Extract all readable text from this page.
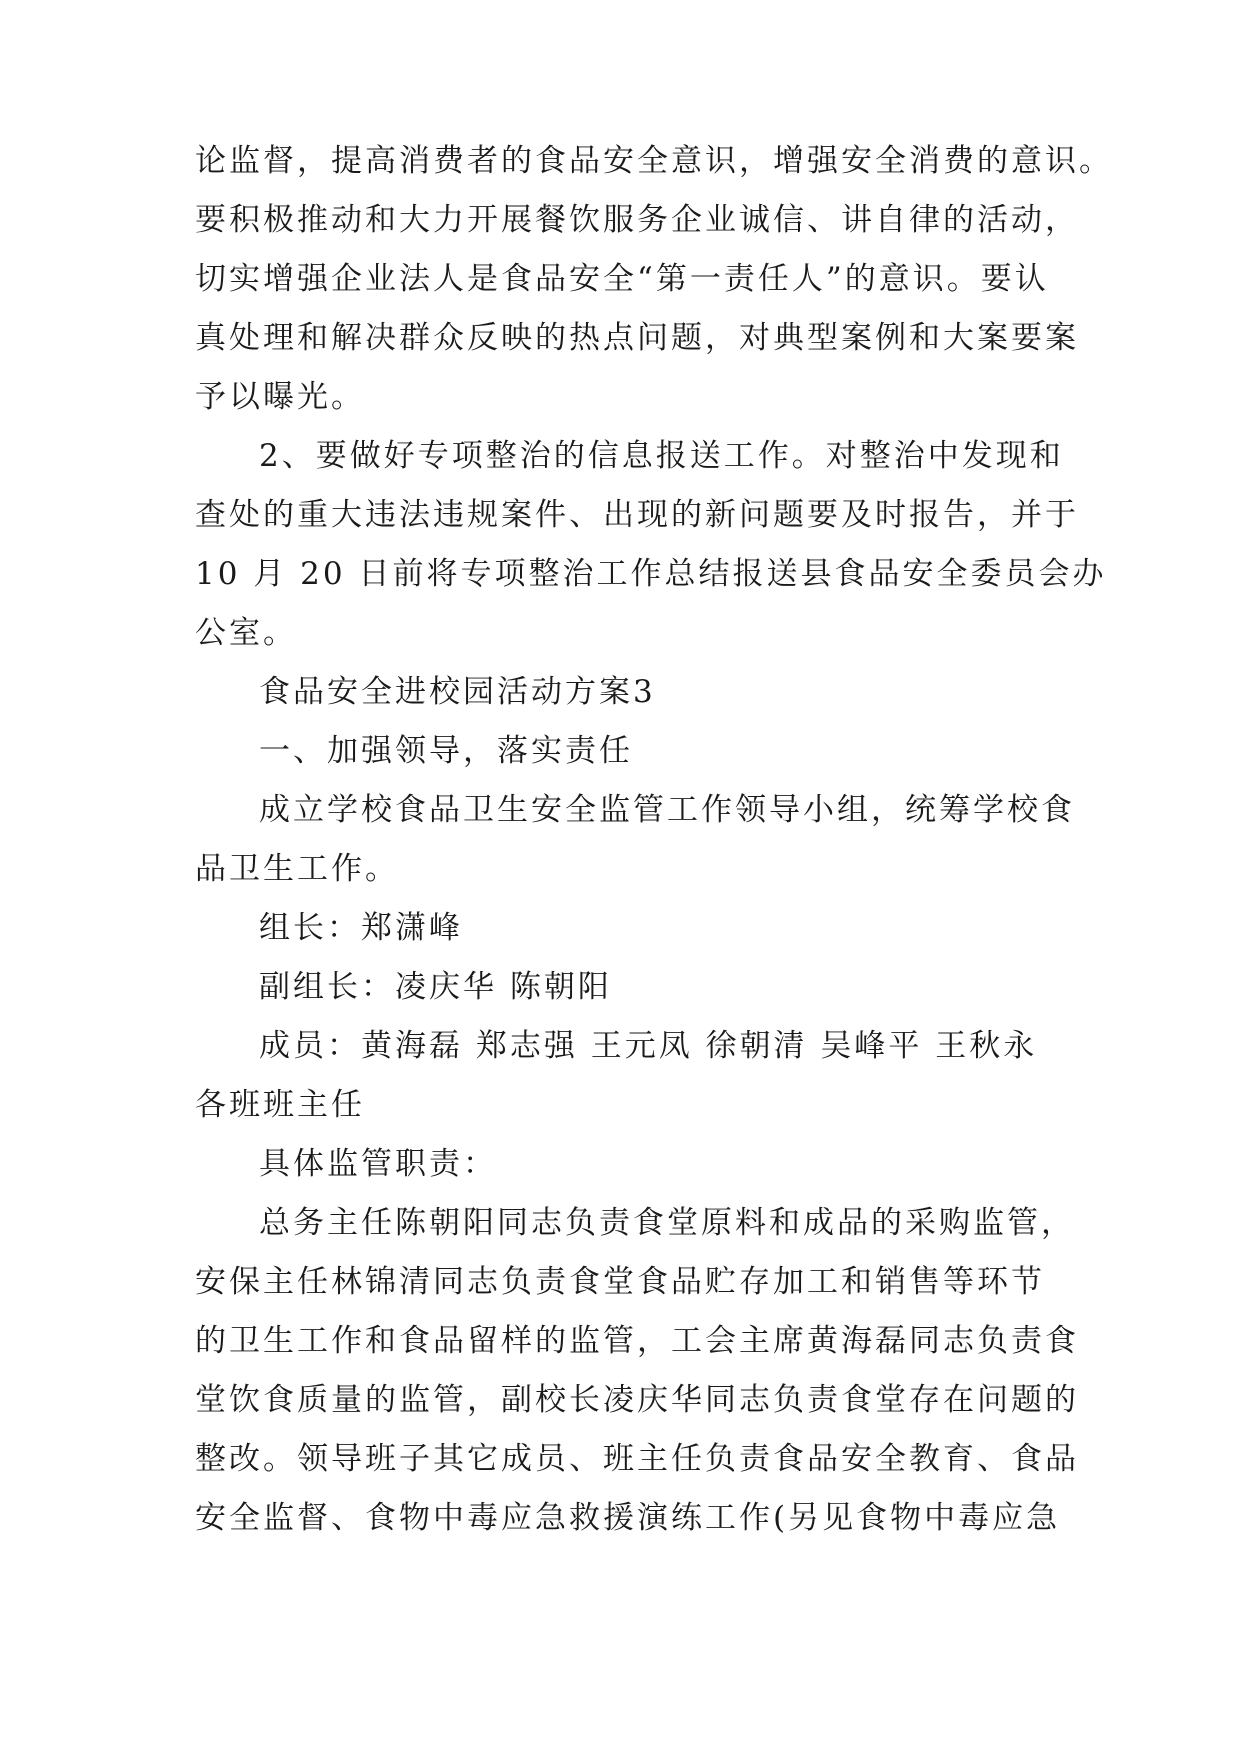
论监督，提高消费者的食品安全意识，增强安全消费的意识。
要积极推动和大力开展餐饮服务企业诚信、讲自律的活动，
切实增强企业法人是食品安全“第一责任人”的意识。要认
真处理和解决群众反映的热点问题，对典型案例和大案要案
予以曝光。

2、要做好专项整治的信息报送工作。对整治中发现和
查处的重大违法违规案件、出现的新问题要及时报告，并于
10 月 20 日前将专项整治工作总结报送县食品安全委员会办
公室。

食品安全进校园活动方案3

一、加强领导，落实责任

成立学校食品卫生安全监管工作领导小组，统筹学校食
品卫生工作。

组长：郑潇峰

副组长：凌庆华 陈朝阳

成员：黄海磊 郑志强 王元凤 徐朝清 吴峰平 王秋永
各班班主任

具体监管职责：

总务主任陈朝阳同志负责食堂原料和成品的采购监管，
安保主任林锦清同志负责食堂食品贮存加工和销售等环节
的卫生工作和食品留样的监管，工会主席黄海磊同志负责食
堂饮食质量的监管，副校长凌庆华同志负责食堂存在问题的
整改。领导班子其它成员、班主任负责食品安全教育、食品
安全监督、食物中毒应急救援演练工作(另见食物中毒应急
